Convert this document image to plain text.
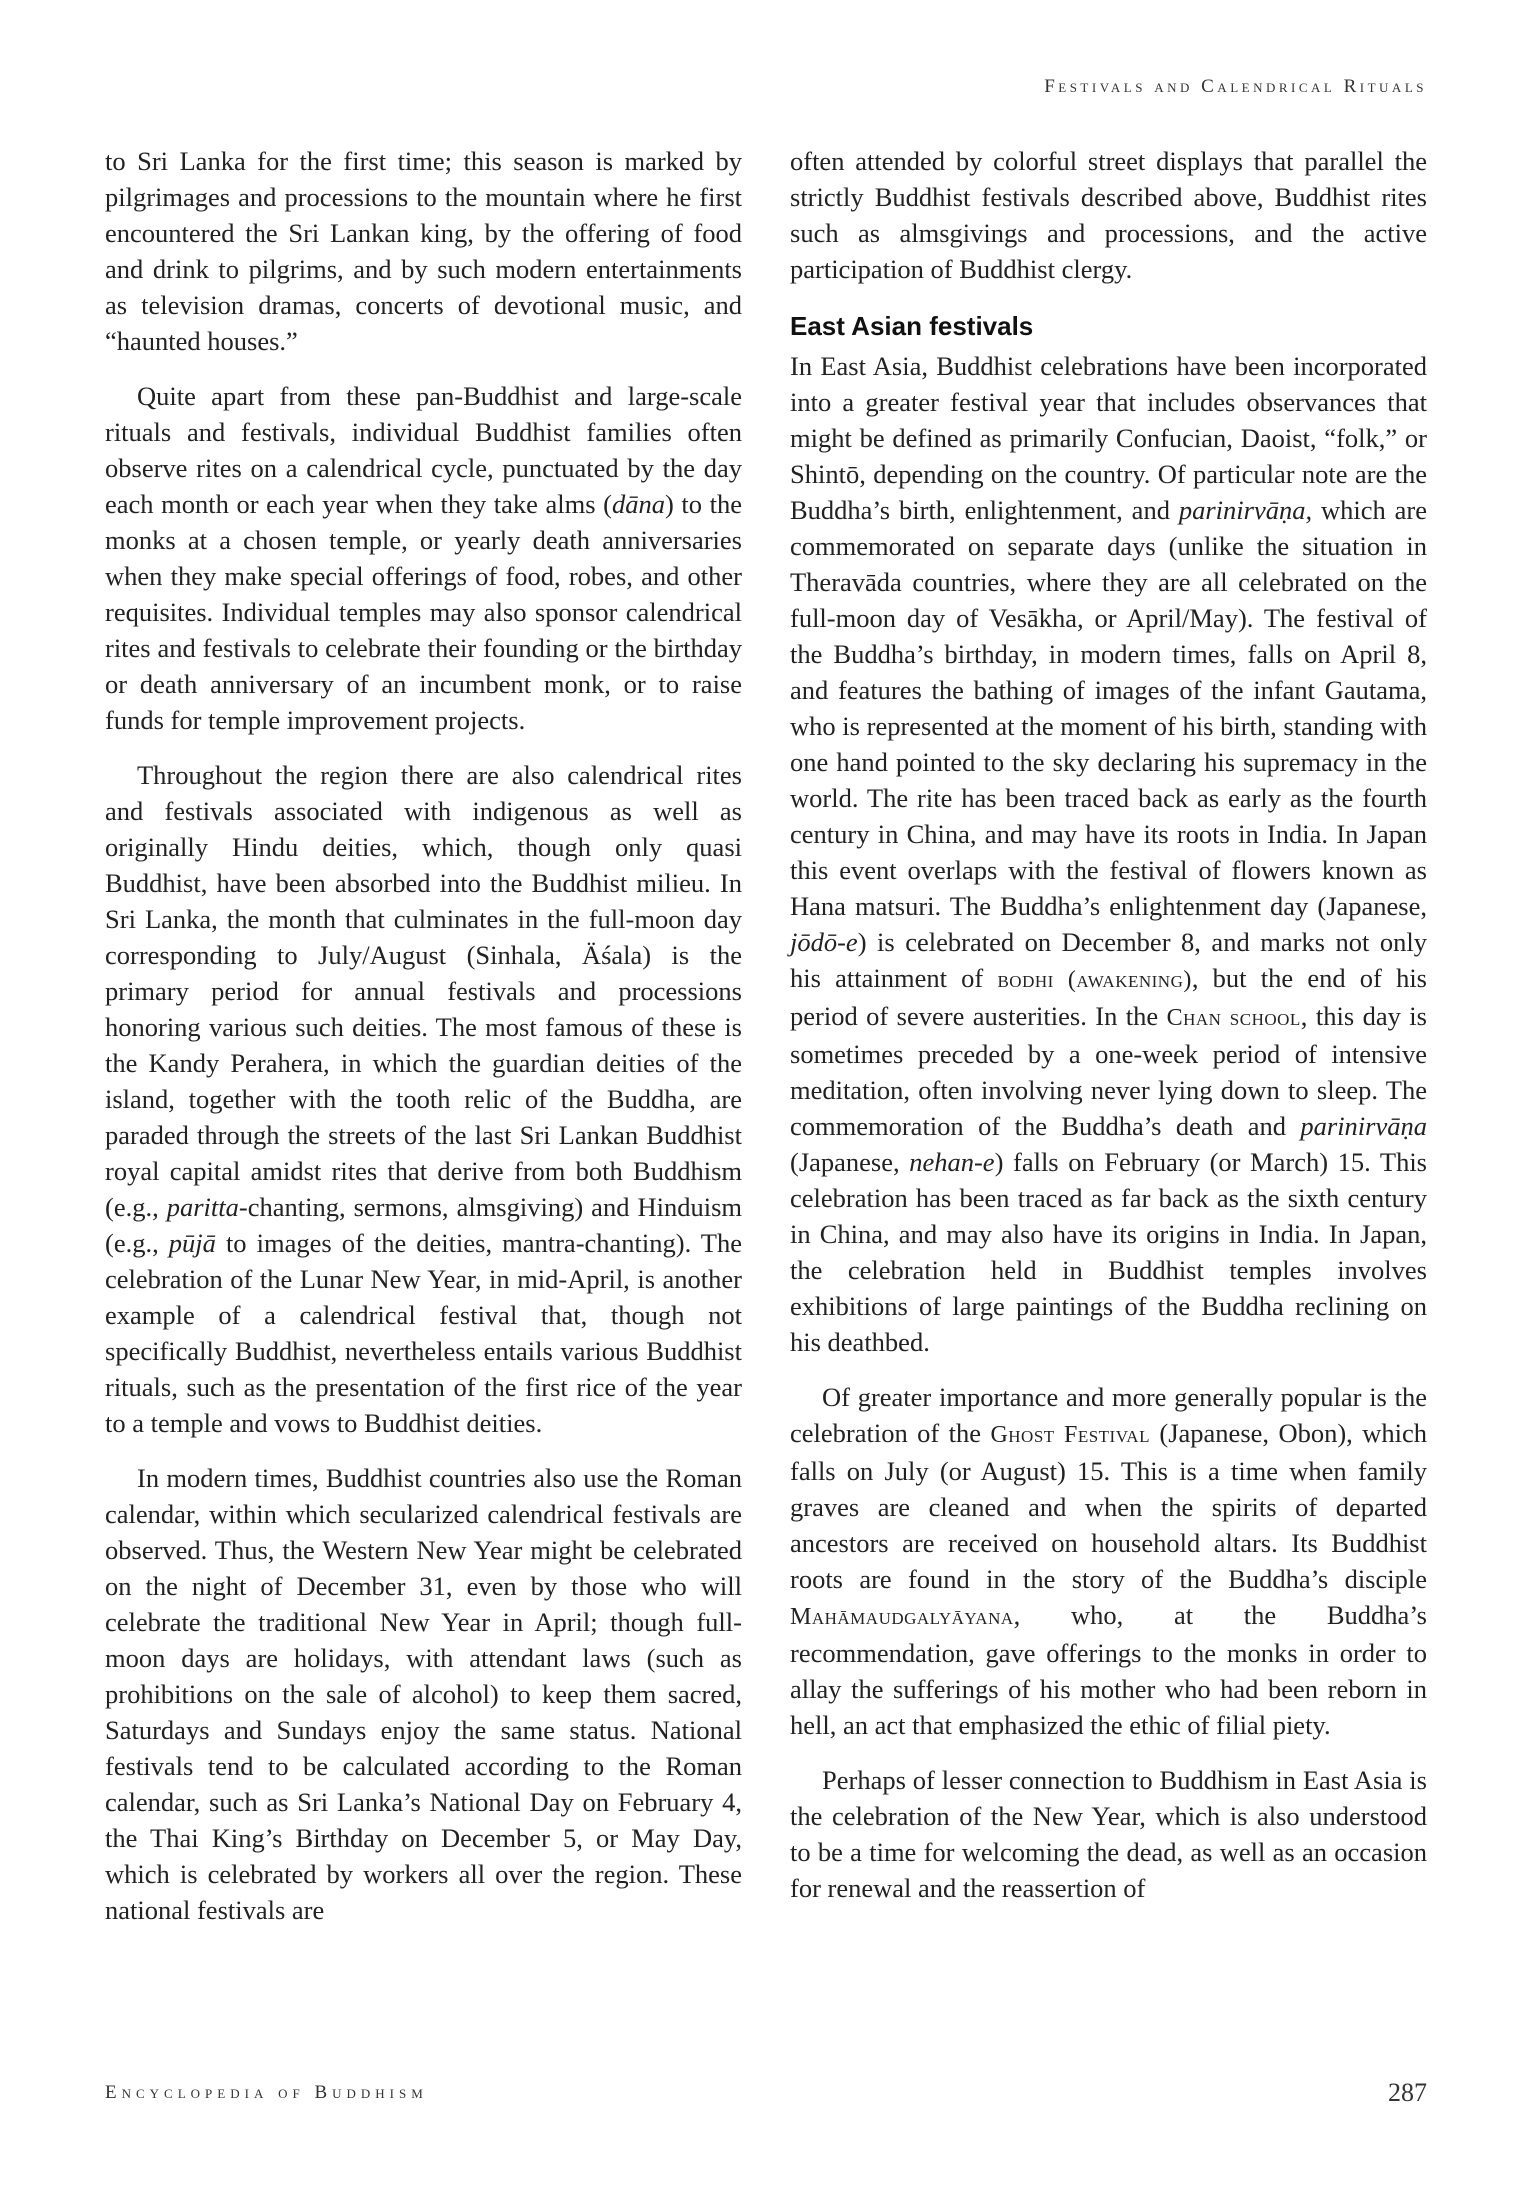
Festivals and Calendrical Rituals

to Sri Lanka for the first time; this season is marked by pilgrimages and processions to the mountain where he first encountered the Sri Lankan king, by the offering of food and drink to pilgrims, and by such modern entertainments as television dramas, concerts of devotional music, and “haunted houses.”

Quite apart from these pan-Buddhist and large-scale rituals and festivals, individual Buddhist families often observe rites on a calendrical cycle, punctuated by the day each month or each year when they take alms (dāna) to the monks at a chosen temple, or yearly death anniversaries when they make special offerings of food, robes, and other requisites. Individual temples may also sponsor calendrical rites and festivals to celebrate their founding or the birthday or death anniversary of an incumbent monk, or to raise funds for temple improvement projects.

Throughout the region there are also calendrical rites and festivals associated with indigenous as well as originally Hindu deities, which, though only quasi Buddhist, have been absorbed into the Buddhist milieu. In Sri Lanka, the month that culminates in the full-moon day corresponding to July/August (Sinhala, Äśala) is the primary period for annual festivals and processions honoring various such deities. The most famous of these is the Kandy Perahera, in which the guardian deities of the island, together with the tooth relic of the Buddha, are paraded through the streets of the last Sri Lankan Buddhist royal capital amidst rites that derive from both Buddhism (e.g., paritta-chanting, sermons, almsgiving) and Hinduism (e.g., pūjā to images of the deities, mantra-chanting). The celebration of the Lunar New Year, in mid-April, is another example of a calendrical festival that, though not specifically Buddhist, nevertheless entails various Buddhist rituals, such as the presentation of the first rice of the year to a temple and vows to Buddhist deities.

In modern times, Buddhist countries also use the Roman calendar, within which secularized calendrical festivals are observed. Thus, the Western New Year might be celebrated on the night of December 31, even by those who will celebrate the traditional New Year in April; though full-moon days are holidays, with attendant laws (such as prohibitions on the sale of alcohol) to keep them sacred, Saturdays and Sundays enjoy the same status. National festivals tend to be calculated according to the Roman calendar, such as Sri Lanka’s National Day on February 4, the Thai King’s Birthday on December 5, or May Day, which is celebrated by workers all over the region. These national festivals are

often attended by colorful street displays that parallel the strictly Buddhist festivals described above, Buddhist rites such as almsgivings and processions, and the active participation of Buddhist clergy.

East Asian festivals

In East Asia, Buddhist celebrations have been incorporated into a greater festival year that includes observances that might be defined as primarily Confucian, Daoist, “folk,” or Shintō, depending on the country. Of particular note are the Buddha’s birth, enlightenment, and parinirvāṇa, which are commemorated on separate days (unlike the situation in Theravāda countries, where they are all celebrated on the full-moon day of Vesākha, or April/May). The festival of the Buddha’s birthday, in modern times, falls on April 8, and features the bathing of images of the infant Gautama, who is represented at the moment of his birth, standing with one hand pointed to the sky declaring his supremacy in the world. The rite has been traced back as early as the fourth century in China, and may have its roots in India. In Japan this event overlaps with the festival of flowers known as Hana matsuri. The Buddha’s enlightenment day (Japanese, jōdō-e) is celebrated on December 8, and marks not only his attainment of bodhi (awakening), but the end of his period of severe austerities. In the Chan school, this day is sometimes preceded by a one-week period of intensive meditation, often involving never lying down to sleep. The commemoration of the Buddha’s death and parinirvāṇa (Japanese, nehan-e) falls on February (or March) 15. This celebration has been traced as far back as the sixth century in China, and may also have its origins in India. In Japan, the celebration held in Buddhist temples involves exhibitions of large paintings of the Buddha reclining on his deathbed.

Of greater importance and more generally popular is the celebration of the Ghost Festival (Japanese, Obon), which falls on July (or August) 15. This is a time when family graves are cleaned and when the spirits of departed ancestors are received on household altars. Its Buddhist roots are found in the story of the Buddha’s disciple Mahāmaudgalyāyana, who, at the Buddha’s recommendation, gave offerings to the monks in order to allay the sufferings of his mother who had been reborn in hell, an act that emphasized the ethic of filial piety.

Perhaps of lesser connection to Buddhism in East Asia is the celebration of the New Year, which is also understood to be a time for welcoming the dead, as well as an occasion for renewal and the reassertion of

Encyclopedia of Buddhism	287
